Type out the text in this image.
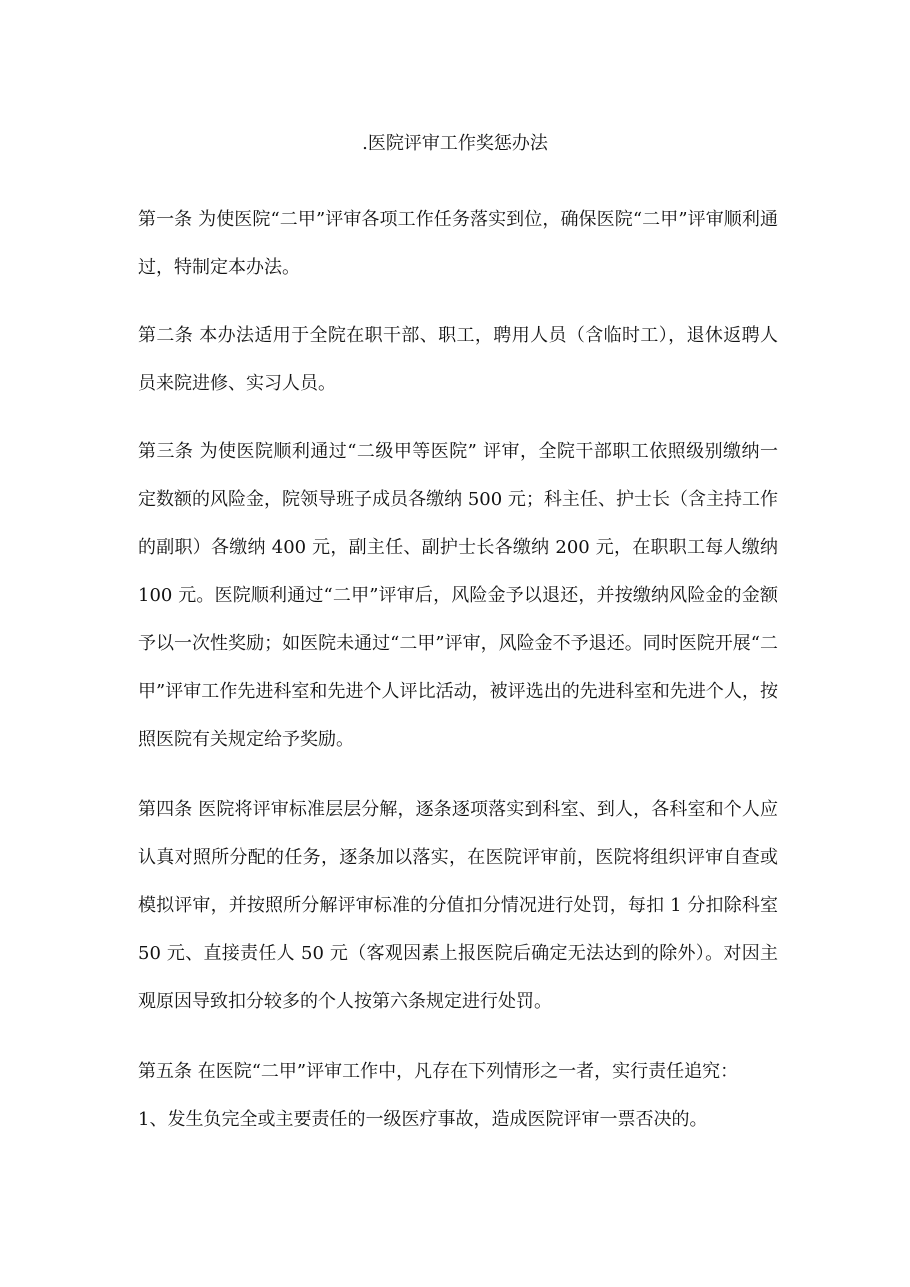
.医院评审工作奖惩办法

第一条 为使医院“二甲”评审各项工作任务落实到位，确保医院“二甲”评审顺利通过，特制定本办法。

第二条 本办法适用于全院在职干部、职工，聘用人员（含临时工），退休返聘人员来院进修、实习人员。

第三条 为使医院顺利通过“二级甲等医院” 评审，全院干部职工依照级别缴纳一定数额的风险金，院领导班子成员各缴纳 500 元；科主任、护士长（含主持工作的副职）各缴纳 400 元，副主任、副护士长各缴纳 200 元，在职职工每人缴纳 100 元。医院顺利通过“二甲”评审后，风险金予以退还，并按缴纳风险金的金额予以一次性奖励；如医院未通过“二甲”评审，风险金不予退还。同时医院开展“二甲”评审工作先进科室和先进个人评比活动，被评选出的先进科室和先进个人，按照医院有关规定给予奖励。

第四条 医院将评审标准层层分解，逐条逐项落实到科室、到人，各科室和个人应认真对照所分配的任务，逐条加以落实，在医院评审前，医院将组织评审自查或模拟评审，并按照所分解评审标准的分值扣分情况进行处罚，每扣 1 分扣除科室 50 元、直接责任人 50 元（客观因素上报医院后确定无法达到的除外）。对因主观原因导致扣分较多的个人按第六条规定进行处罚。

第五条 在医院“二甲”评审工作中，凡存在下列情形之一者，实行责任追究：

1、发生负完全或主要责任的一级医疗事故，造成医院评审一票否决的。
